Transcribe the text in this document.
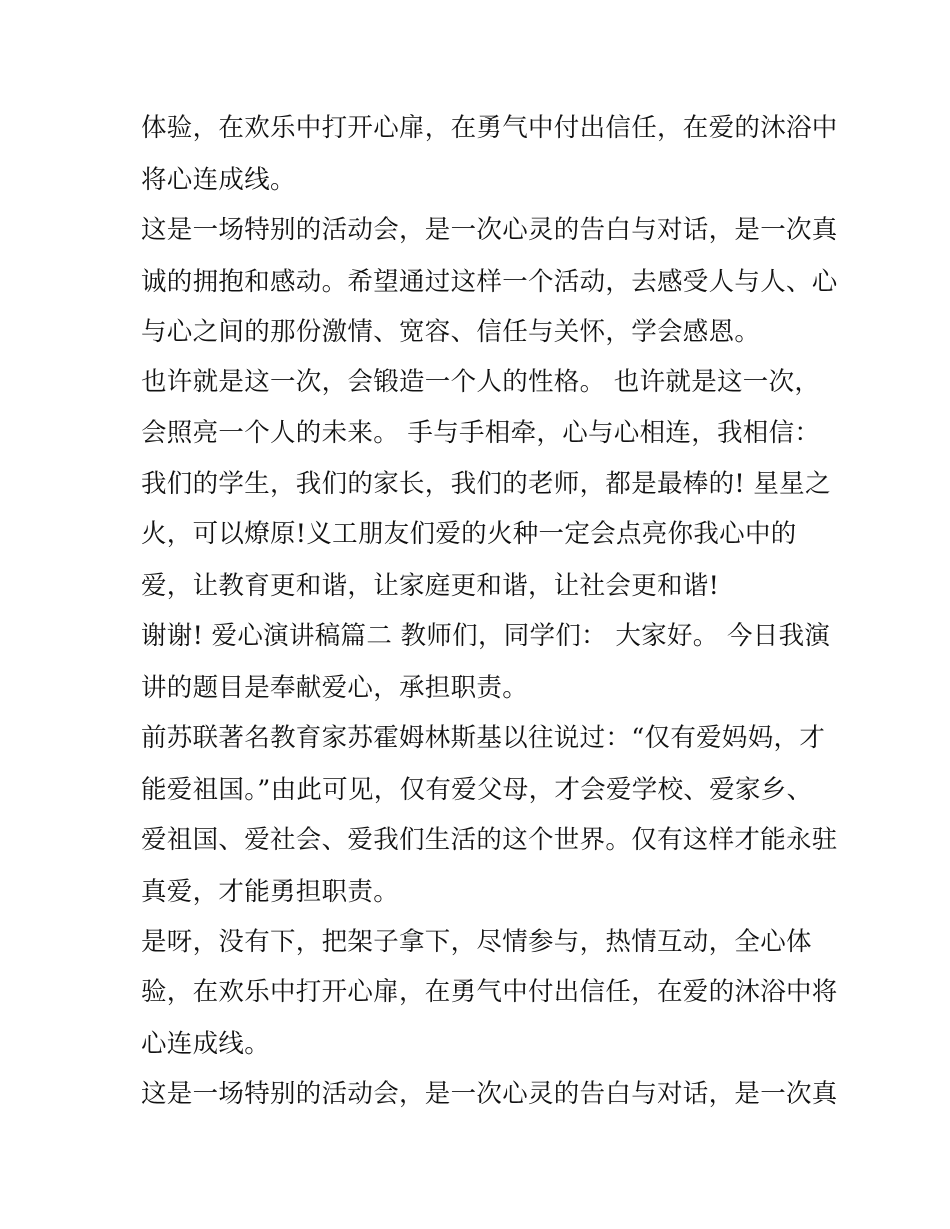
体验，在欢乐中打开心扉，在勇气中付出信任，在爱的沐浴中
将心连成线。
这是一场特别的活动会，是一次心灵的告白与对话，是一次真
诚的拥抱和感动。希望通过这样一个活动，去感受人与人、心
与心之间的那份激情、宽容、信任与关怀，学会感恩。
也许就是这一次，会锻造一个人的性格。 也许就是这一次，
会照亮一个人的未来。 手与手相牵，心与心相连，我相信：
我们的学生，我们的家长，我们的老师，都是最棒的! 星星之
火，可以燎原!义工朋友们爱的火种一定会点亮你我心中的
爱，让教育更和谐，让家庭更和谐，让社会更和谐!
谢谢! 爱心演讲稿篇二 教师们，同学们： 大家好。 今日我演
讲的题目是奉献爱心，承担职责。
前苏联著名教育家苏霍姆林斯基以往说过：“仅有爱妈妈，才
能爱祖国。”由此可见，仅有爱父母，才会爱学校、爱家乡、
爱祖国、爱社会、爱我们生活的这个世界。仅有这样才能永驻
真爱，才能勇担职责。
是呀，没有下，把架子拿下，尽情参与，热情互动，全心体
验，在欢乐中打开心扉，在勇气中付出信任，在爱的沐浴中将
心连成线。
这是一场特别的活动会，是一次心灵的告白与对话，是一次真
